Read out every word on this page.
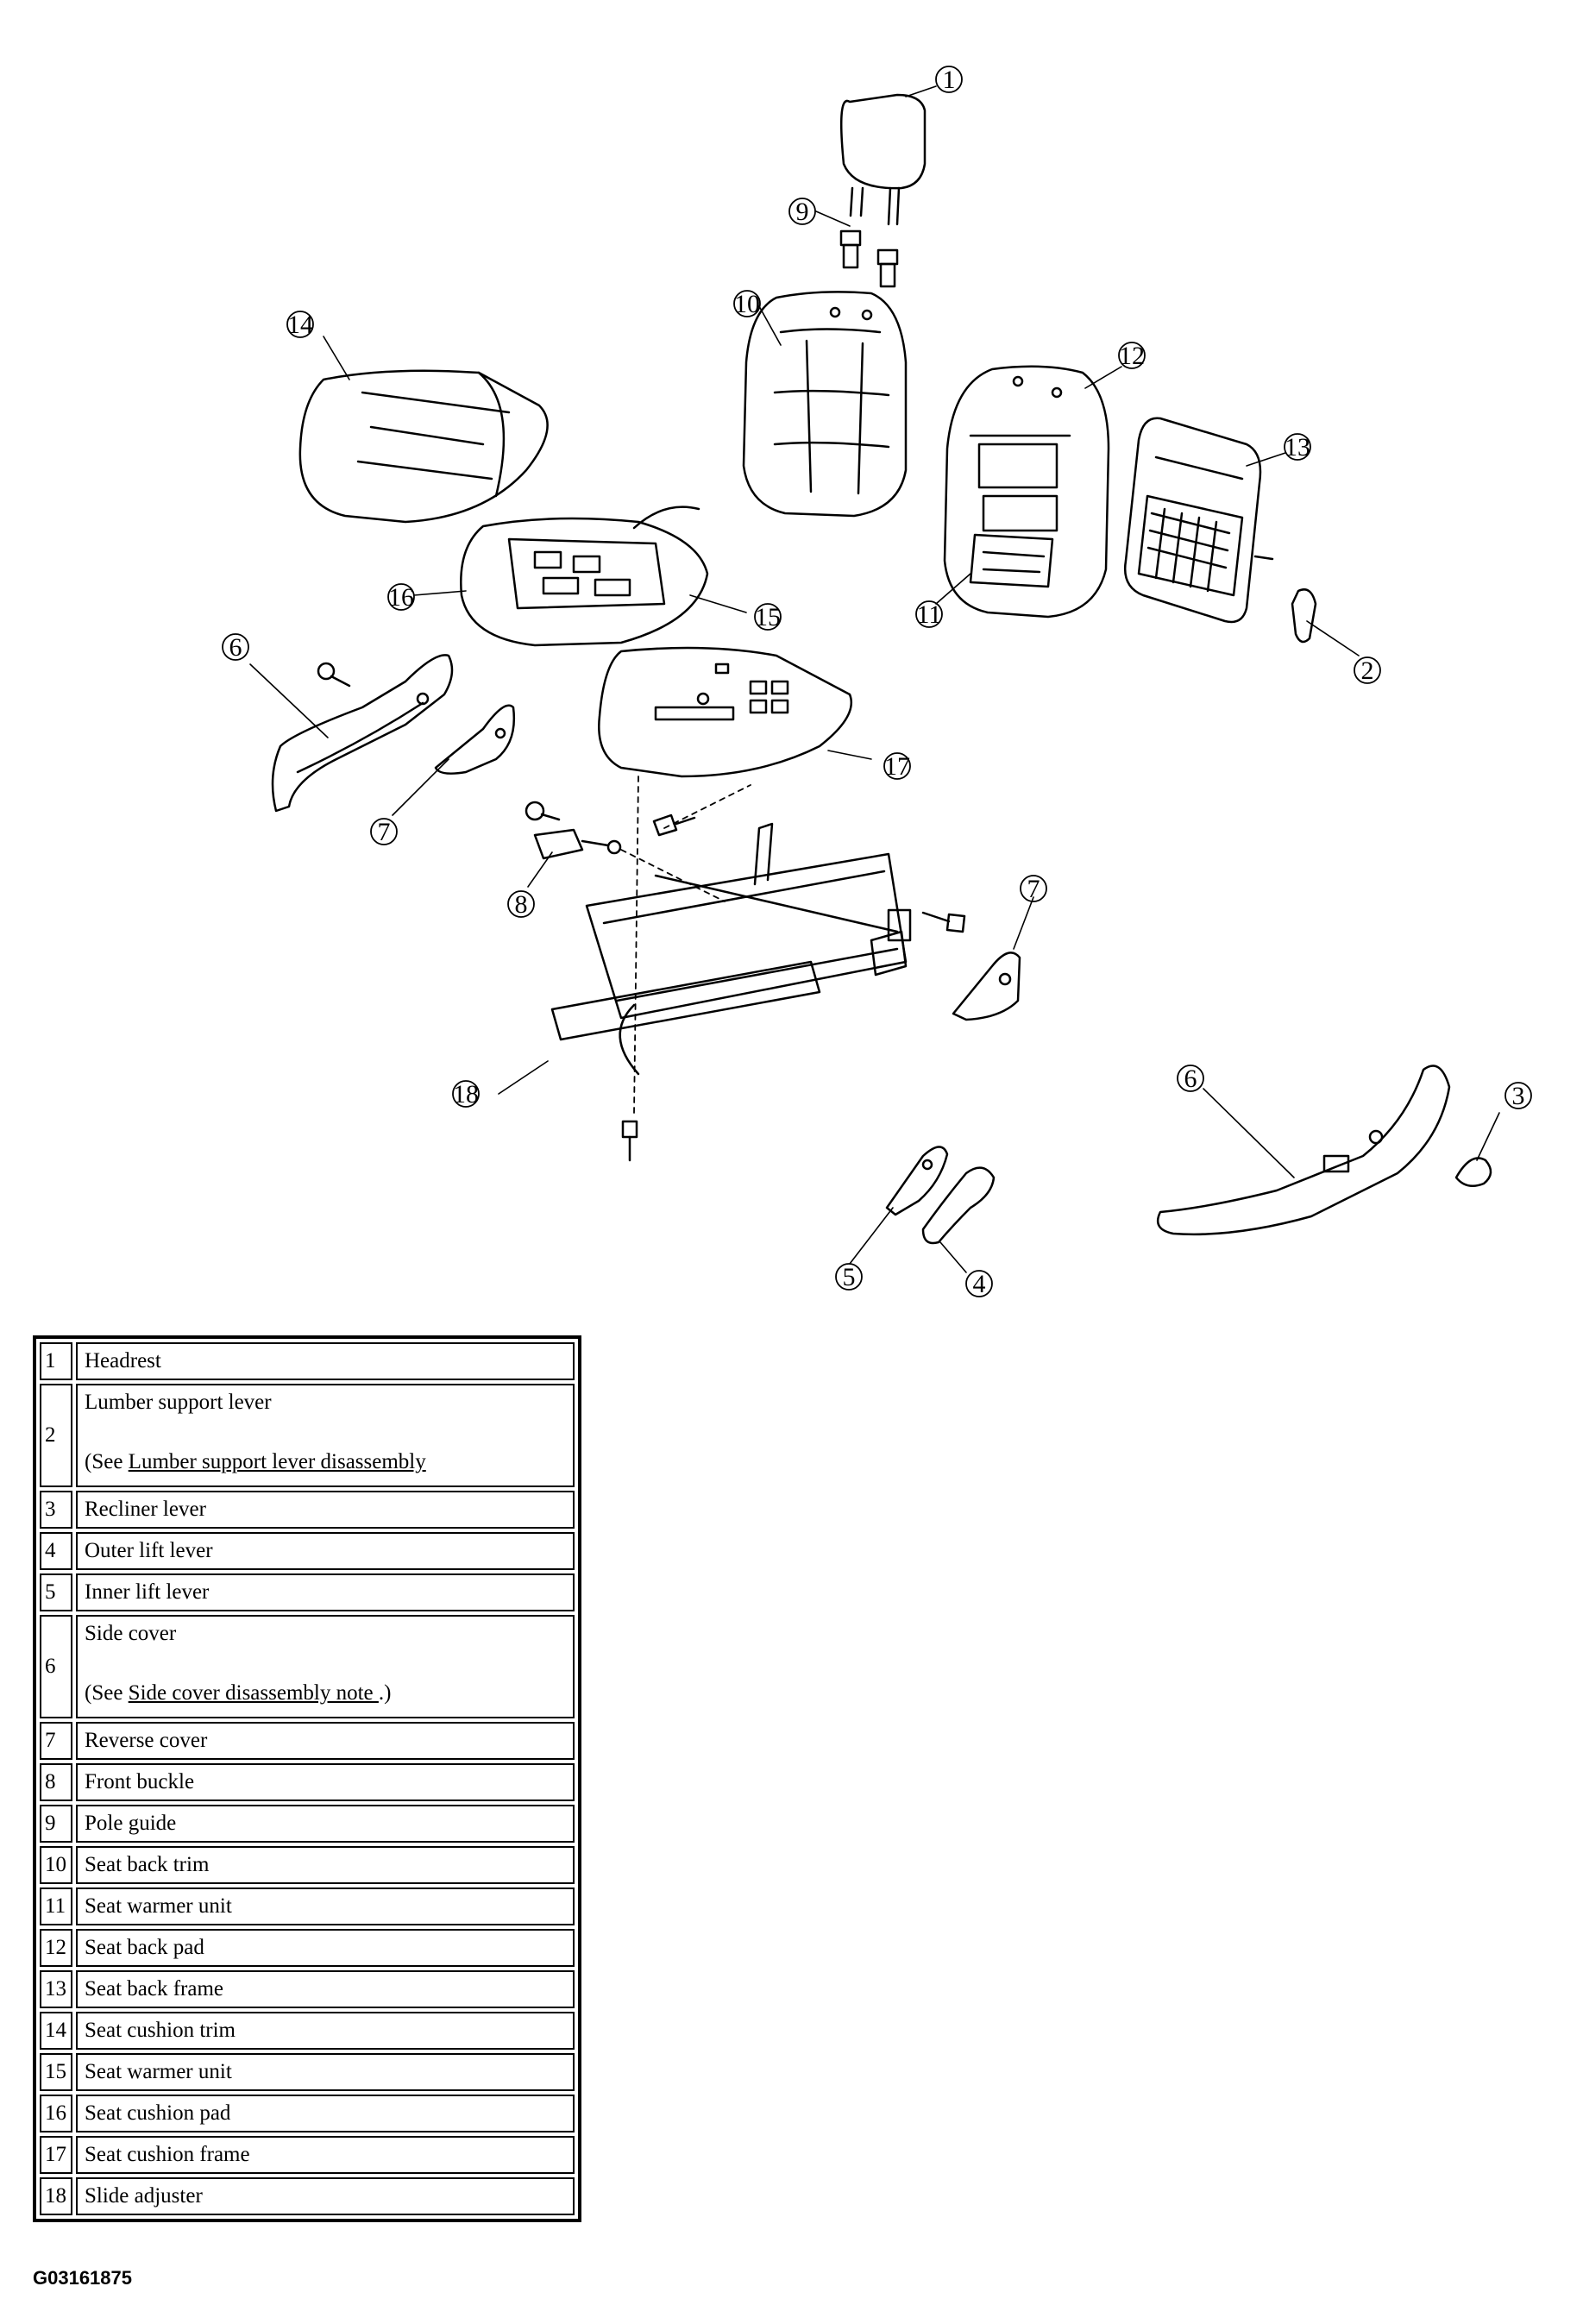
1
2
3
4
5
6
6
7
7
8
9
10
11
12
13
14
15
16
17
18
1	Headrest
2	Lumber support lever
(See Lumber support lever disassembly

3	Recliner lever
4	Outer lift lever
5	Inner lift lever
6	Side cover
(See Side cover disassembly note .)

7	Reverse cover
8	Front buckle
9	Pole guide
10	Seat back trim
11	Seat warmer unit
12	Seat back pad
13	Seat back frame
14	Seat cushion trim
15	Seat warmer unit
16	Seat cushion pad
17	Seat cushion frame
18	Slide adjuster
G03161875
